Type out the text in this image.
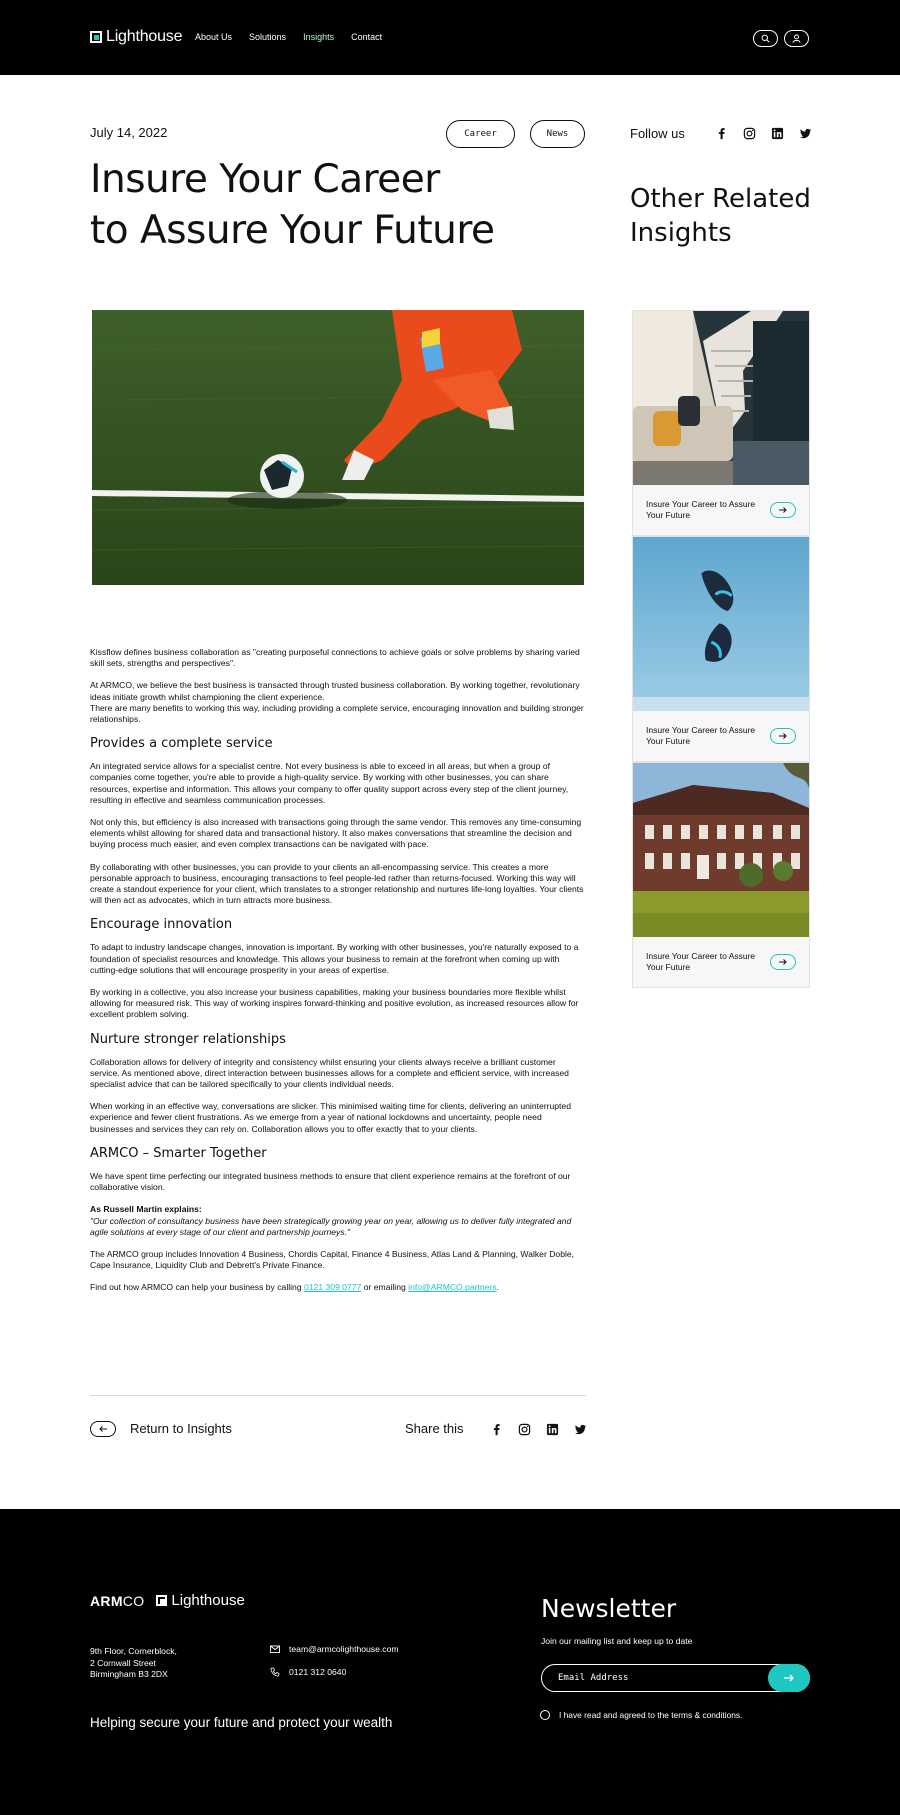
Lighthouse About Us Solutions Insights Contact
July 14, 2022	Career	News
Insure Your Career
to Assure Your Future
Follow us
Other Related Insights
Insure Your Career to Assure Your Future
Insure Your Career to Assure Your Future
Insure Your Career to Assure Your Future

Kissflow defines business collaboration as "creating purposeful connections to achieve goals or solve problems by sharing varied skill sets, strengths and perspectives".

At ARMCO, we believe the best business is transacted through trusted business collaboration. By working together, revolutionary ideas initiate growth whilst championing the client experience.

There are many benefits to working this way, including providing a complete service, encouraging innovation and building stronger relationships.

Provides a complete service

An integrated service allows for a specialist centre. Not every business is able to exceed in all areas, but when a group of companies come together, you're able to provide a high-quality service. By working with other businesses, you can share resources, expertise and information. This allows your company to offer quality support across every step of the client journey, resulting in effective and seamless communication processes.

Not only this, but efficiency is also increased with transactions going through the same vendor. This removes any time-consuming elements whilst allowing for shared data and transactional history. It also makes conversations that streamline the decision and buying process much easier, and even complex transactions can be navigated with pace.

By collaborating with other businesses, you can provide to your clients an all-encompassing service. This creates a more personable approach to business, encouraging transactions to feel people-led rather than returns-focused. Working this way will create a standout experience for your client, which translates to a stronger relationship and nurtures life-long loyalties. Your clients will then act as advocates, which in turn attracts more business.

Encourage innovation

To adapt to industry landscape changes, innovation is important. By working with other businesses, you're naturally exposed to a foundation of specialist resources and knowledge. This allows your business to remain at the forefront when coming up with cutting-edge solutions that will encourage prosperity in your areas of expertise.

By working in a collective, you also increase your business capabilities, making your business boundaries more flexible whilst allowing for measured risk. This way of working inspires forward-thinking and positive evolution, as increased resources allow for excellent problem solving.

Nurture stronger relationships

Collaboration allows for delivery of integrity and consistency whilst ensuring your clients always receive a brilliant customer service. As mentioned above, direct interaction between businesses allows for a complete and efficient service, with increased specialist advice that can be tailored specifically to your clients individual needs.

When working in an effective way, conversations are slicker. This minimised waiting time for clients, delivering an uninterrupted experience and fewer client frustrations. As we emerge from a year of national lockdowns and uncertainty, people need businesses and services they can rely on. Collaboration allows you to offer exactly that to your clients.

ARMCO – Smarter Together

We have spent time perfecting our integrated business methods to ensure that client experience remains at the forefront of our collaborative vision.

As Russell Martin explains:

"Our collection of consultancy business have been strategically growing year on year, allowing us to deliver fully integrated and agile solutions at every stage of our client and partnership journeys."

The ARMCO group includes Innovation 4 Business, Chordis Capital, Finance 4 Business, Atlas Land & Planning, Walker Doble, Cape Insurance, Liquidity Club and Debrett's Private Finance.

Find out how ARMCO can help your business by calling 0121 309 0777 or emailing info@ARMCO.partners.

Return to Insights	Share this
ARMCO Lighthouse
9th Floor, Cornerblock,
2 Cornwall Street
Birmingham B3 2DX
team@armcolighthouse.com
0121 312 0640
Helping secure your future and protect your wealth
Newsletter
Join our mailing list and keep up to date
Email Address
I have read and agreed to the terms & conditions.
